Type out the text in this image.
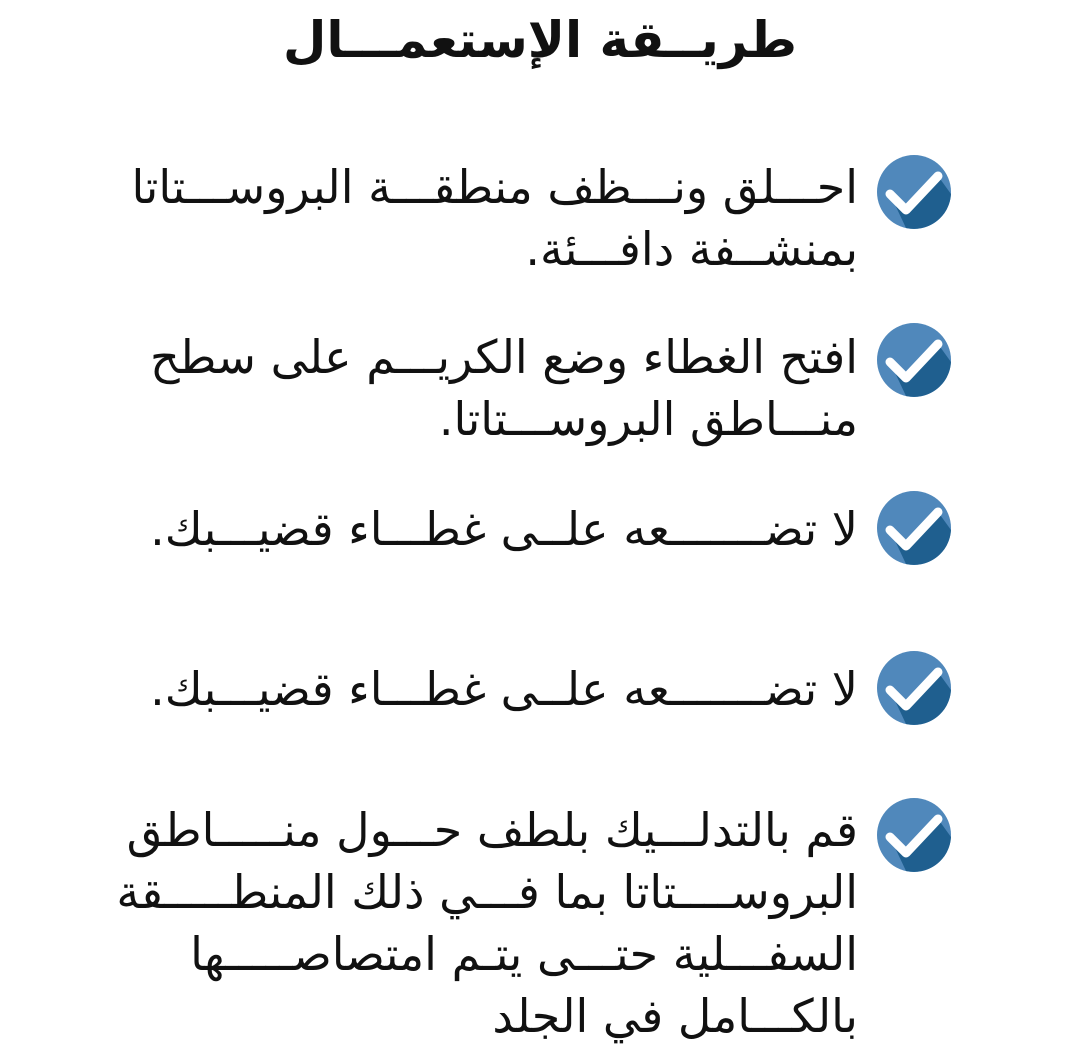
طريــقة الإستعمـــال
احـــلق ونـــظف منطقـــة البروســـتاتا بمنشــفة دافـــئة.
افتح الغطاء وضع الكريـــم على سطح منـــاطق البروســـتاتا.
لا تضـــــــعه علــى غطـــاء قضيـــبك.
لا تضـــــــعه علــى غطـــاء قضيـــبك.
قم بالتدلـــيك بلطف حـــول منـــــاطق البروســــتاتا بما فـــي ذلك المنطـــــقة السفـــلية حتـــى يتـم امتصاصـــــها بالكـــامل في الجلد
